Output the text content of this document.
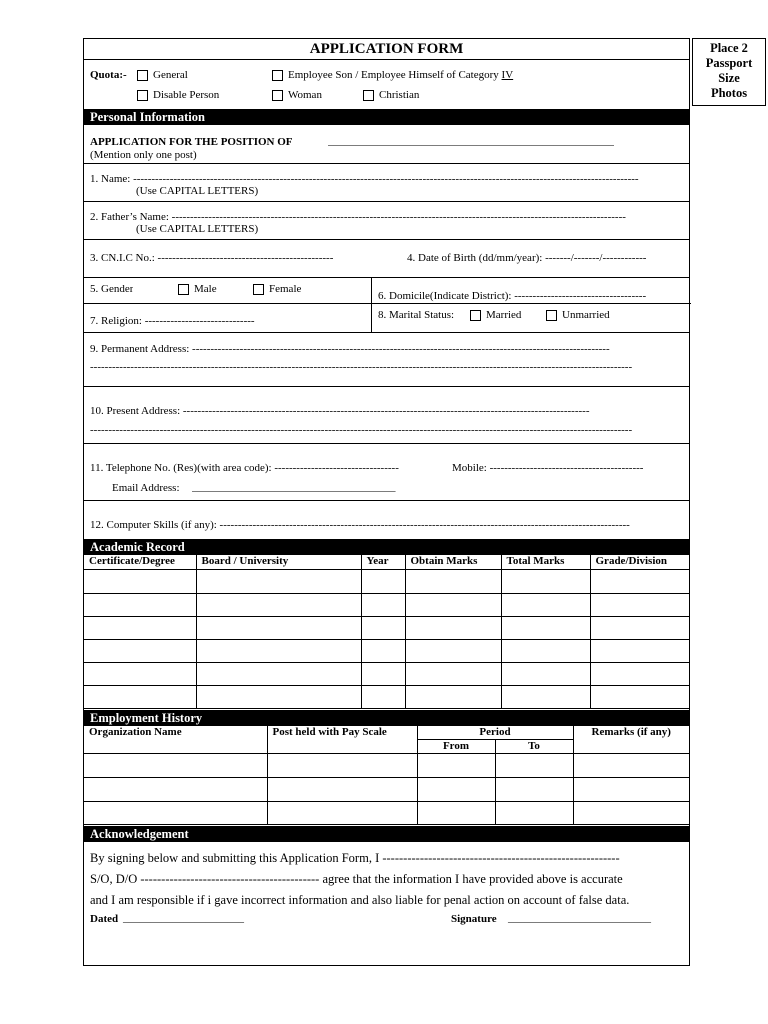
Place 2
Passport
Size
Photos
APPLICATION FORM
Quota:- General	Employee Son / Employee Himself of Category IV
Disable Person	Woman	Christian
Personal Information
APPLICATION FOR THE POSITION OF	____________________________________________________
(Mention only one post)
1. Name: ------------------------------------------------------------------------------------------------------------------------------------------
(Use CAPITAL LETTERS)
2. Father’s Name: ----------------------------------------------------------------------------------------------------------------------------
(Use CAPITAL LETTERS)
3. CN.I.C No.: ------------------------------------------------	4. Date of Birth (dd/mm/year): -------/-------/------------
5. Gender	Male	Female
6. Domicile(Indicate District): ------------------------------------
7. Religion: ------------------------------	8. Marital Status:	Married	Unmarried
9. Permanent Address: ------------------------------------------------------------------------------------------------------------------
----------------------------------------------------------------------------------------------------------------------------------------------------
10. Present Address: ---------------------------------------------------------------------------------------------------------------
----------------------------------------------------------------------------------------------------------------------------------------------------
11. Telephone No. (Res)(with area code): ----------------------------------	Mobile: ------------------------------------------
Email Address: _____________________________________
12. Computer Skills (if any): ----------------------------------------------------------------------------------------------------------------
Academic Record
Certificate/Degree	Board / University	Year	Obtain Marks	Total Marks	Grade/Division

Employment History
Organization Name	Post held with Pay Scale	Period		Remarks (if any)
		From	To	

Acknowledgement
By signing below and submitting this Application Form, I ---------------------------------------------------------
S/O, D/O ------------------------------------------- agree that the information I have provided above is accurate
and I am responsible if i gave incorrect information and also liable for penal action on account of false data.
Dated ______________________	Signature __________________________
